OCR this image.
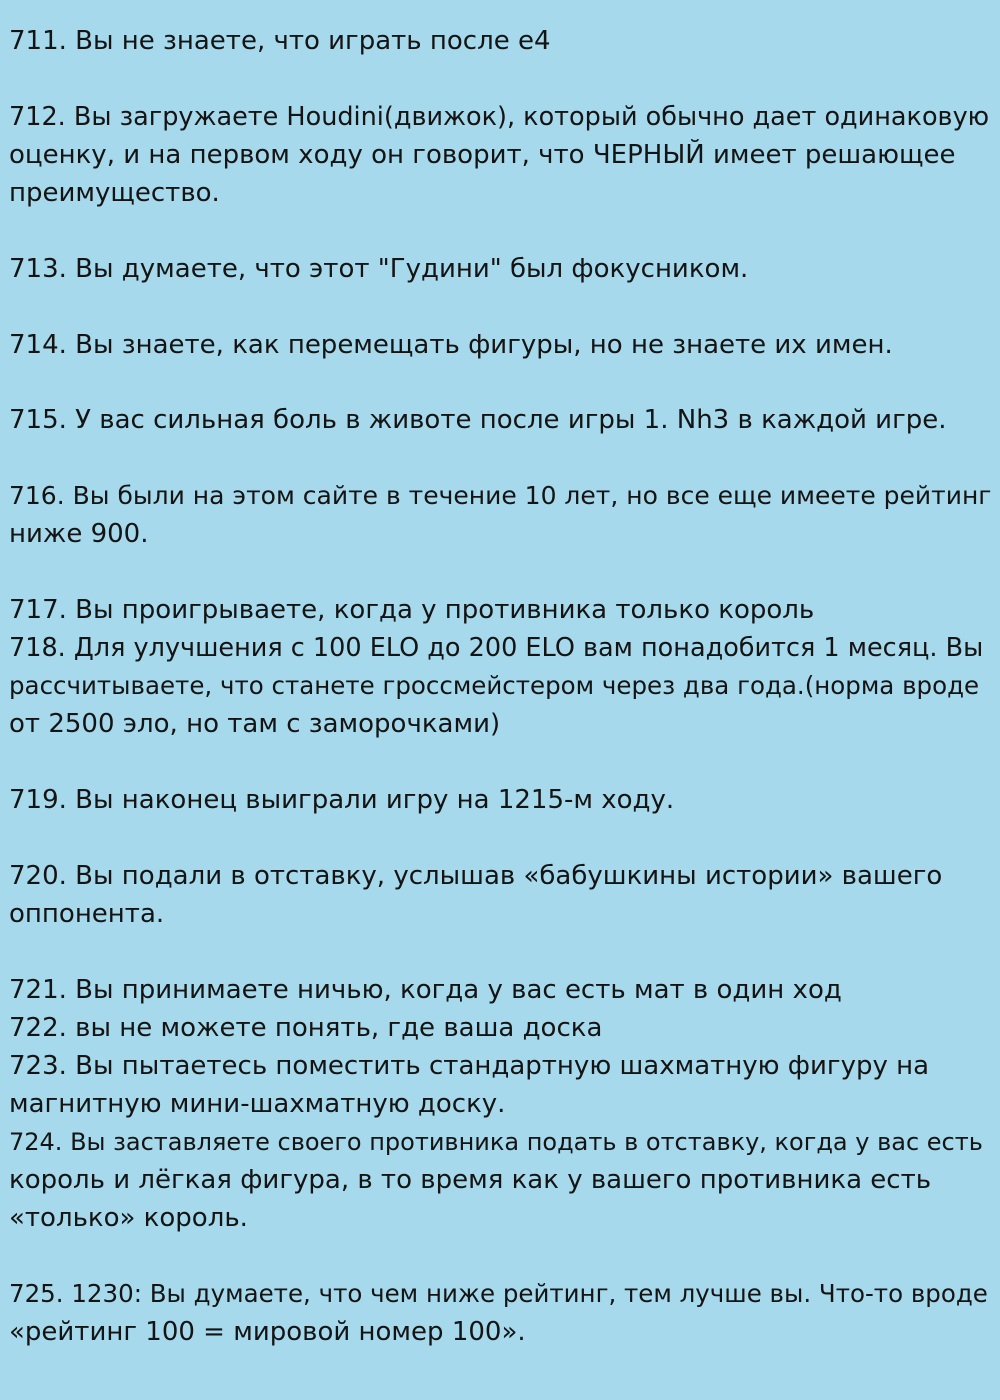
711. Вы не знаете, что играть после е4
712. Вы загружаете Houdini(движок), который обычно дает одинаковую
оценку, и на первом ходу он говорит, что ЧЕРНЫЙ имеет решающее
преимущество.
713. Вы думаете, что этот "Гудини" был фокусником.
714. Вы знаете, как перемещать фигуры, но не знаете их имен.
715. У вас сильная боль в животе после игры 1. Nh3 в каждой игре.
716. Вы были на этом сайте в течение 10 лет, но все еще имеете рейтинг
ниже 900.
717. Вы проигрываете, когда у противника только король
718. Для улучшения с 100 ELO до 200 ELO вам понадобится 1 месяц. Вы
рассчитываете, что станете гроссмейстером через два года.(норма вроде
от 2500 эло, но там с заморочками)
719. Вы наконец выиграли игру на 1215-м ходу.
720. Вы подали в отставку, услышав «бабушкины истории» вашего
оппонента.
721. Вы принимаете ничью, когда у вас есть мат в один ход
722. вы не можете понять, где ваша доска
723. Вы пытаетесь поместить стандартную шахматную фигуру на
магнитную мини-шахматную доску.
724. Вы заставляете своего противника подать в отставку, когда у вас есть
король и лёгкая фигура, в то время как у вашего противника есть
«только» король.
725. 1230: Вы думаете, что чем ниже рейтинг, тем лучше вы. Что-то вроде
«рейтинг 100 = мировой номер 100».
